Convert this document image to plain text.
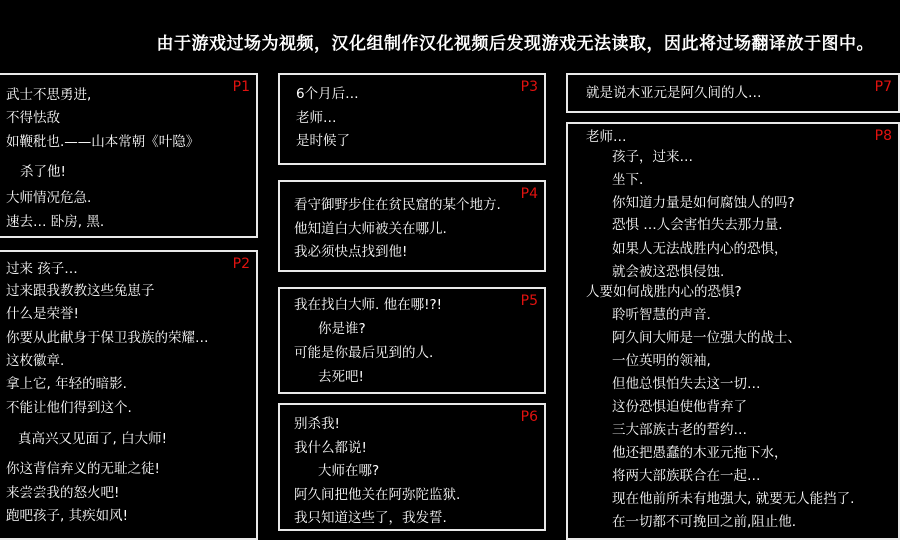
由于游戏过场为视频，汉化组制作汉化视频后发现游戏无法读取，因此将过场翻译放于图中。
P1
武士不思勇进,
不得怯敌
如鞭秕也.——山本常朝《叶隐》
杀了他!
大师情况危急.
速去… 卧房, 黑.
P2
过来 孩子…
过来跟我教教这些兔崽子
什么是荣誉!
你要从此献身于保卫我族的荣耀…
这枚徽章.
拿上它, 年轻的暗影.
不能让他们得到这个.
真高兴又见面了, 白大师!
你这背信弃义的无耻之徒!
来尝尝我的怒火吧!
跑吧孩子, 其疾如风!
P3
6个月后…
老师…
是时候了
P4
看守御野步住在贫民窟的某个地方.
他知道白大师被关在哪儿.
我必须快点找到他!
P5
我在找白大师. 他在哪!?!
你是谁?
可能是你最后见到的人.
去死吧!
P6
别杀我!
我什么都说!
大师在哪?
阿久间把他关在阿弥陀监狱.
我只知道这些了，我发誓.
P7
就是说木亚元是阿久间的人…
P8
老师…
孩子，过来…
坐下.
你知道力量是如何腐蚀人的吗?
恐惧 …人会害怕失去那力量.
如果人无法战胜内心的恐惧，
就会被这恐惧侵蚀.
人要如何战胜内心的恐惧?
聆听智慧的声音.
阿久间大师是一位强大的战士、
一位英明的领袖,
但他总惧怕失去这一切…
这份恐惧迫使他背弃了
三大部族古老的誓约…
他还把愚蠢的木亚元拖下水，
将两大部族联合在一起…
现在他前所未有地强大, 就要无人能挡了.
在一切都不可挽回之前,阻止他.
